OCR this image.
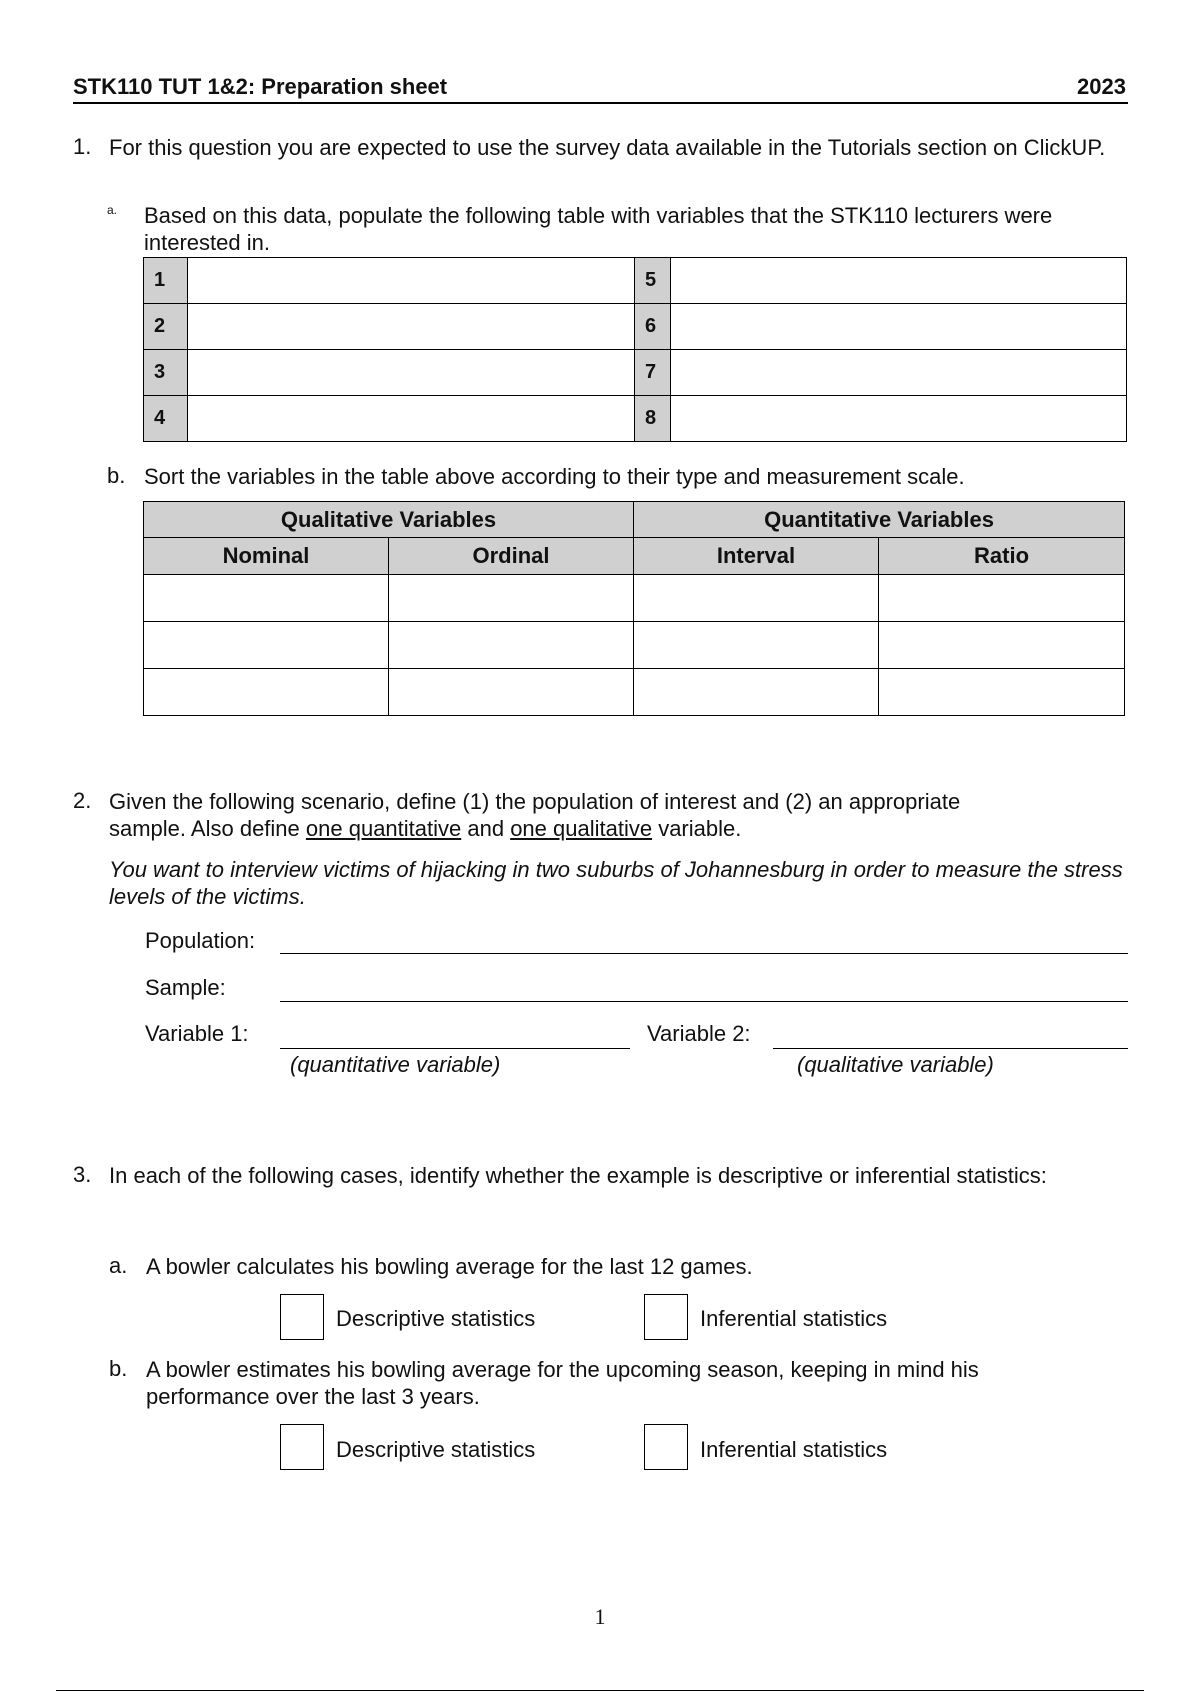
STK110 TUT 1&2: Preparation sheet	2023
1. For this question you are expected to use the survey data available in the Tutorials section on ClickUP.
a. Based on this data, populate the following table with variables that the STK110 lecturers were interested in.
1		5	
2		6	
3		7	
4		8	
b. Sort the variables in the table above according to their type and measurement scale.
Qualitative Variables		Quantitative Variables	
Nominal	Ordinal	Interval	Ratio

2. Given the following scenario, define (1) the population of interest and (2) an appropriate
sample. Also define one quantitative and one qualitative variable.
You want to interview victims of hijacking in two suburbs of Johannesburg in order to measure the stress levels of the victims.
Population:
Sample:
Variable 1:
(quantitative variable)
Variable 2:
(qualitative variable)
3. In each of the following cases, identify whether the example is descriptive or inferential statistics:
a. A bowler calculates his bowling average for the last 12 games.
Descriptive statistics	Inferential statistics
b. A bowler estimates his bowling average for the upcoming season, keeping in mind his performance over the last 3 years.
Descriptive statistics	Inferential statistics
1
